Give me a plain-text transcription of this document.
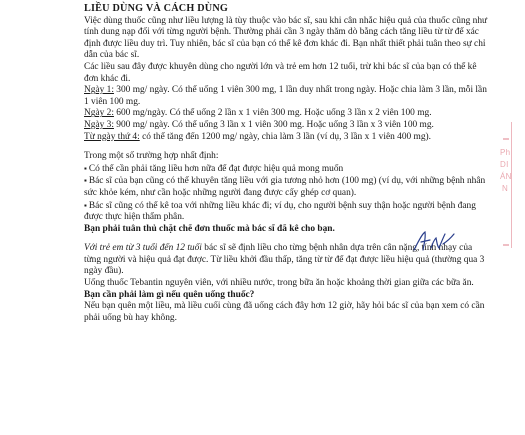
LIỀU DÙNG VÀ CÁCH DÙNG

Việc dùng thuốc cũng như liều lượng là tùy thuộc vào bác sĩ, sau khi cân nhắc hiệu quả của thuốc cũng như tính dung nạp đối với từng người bệnh. Thường phải cần 3 ngày thăm dò bằng cách tăng liều từ từ để xác định được liều duy trì. Tuy nhiên, bác sĩ của bạn có thể kê đơn khác đi. Bạn nhất thiết phải tuân theo sự chỉ dẫn của bác sĩ.

Các liều sau đây được khuyên dùng cho người lớn và trẻ em hơn 12 tuổi, trừ khi bác sĩ của bạn có thể kê đơn khác đi.

Ngày 1: 300 mg/ ngày. Có thể uống 1 viên 300 mg, 1 lần duy nhất trong ngày. Hoặc chia làm 3 lần, mỗi lần 1 viên 100 mg.

Ngày 2: 600 mg/ngày. Có thể uống 2 lần x 1 viên 300 mg. Hoặc uống 3 lần x 2 viên 100 mg.

Ngày 3: 900 mg/ ngày. Có thể uống 3 lần x 1 viên 300 mg. Hoặc uống 3 lần x 3 viên 100 mg.

Từ ngày thứ 4: có thể tăng đến 1200 mg/ ngày, chia làm 3 lần (ví dụ, 3 lần x 1 viên 400 mg).

Trong một số trường hợp nhất định:

▪ Có thể cần phải tăng liều hơn nữa để đạt được hiệu quả mong muốn

▪ Bác sĩ của bạn cũng có thể khuyên tăng liều với gia tương nhỏ hơn (100 mg) (ví dụ, với những bệnh nhân sức khỏe kém, như cần hoặc những người đang được cấy ghép cơ quan).

▪ Bác sĩ cũng có thể kê toa với những liều khác đi; ví dụ, cho người bệnh suy thận hoặc người bệnh đang được thực hiện thẩm phân.

Bạn phải tuân thủ chặt chẽ đơn thuốc mà bác sĩ đã kê cho bạn.

Với trẻ em từ 3 tuổi đến 12 tuổi bác sĩ sẽ định liều cho từng bệnh nhân dựa trên cân nặng, tính nhạy của từng người và hiệu quả đạt được. Từ liều khởi đầu thấp, tăng từ từ để đạt được liều hiệu quả (thường qua 3 ngày đầu).

Uống thuốc Tebantin nguyên viên, với nhiều nước, trong bữa ăn hoặc khoảng thời gian giữa các bữa ăn.

Bạn cần phải làm gì nếu quên uống thuốc?

Nếu bạn quên một liều, mà liều cuối cùng đã uống cách đây hơn 12 giờ, hãy hỏi bác sĩ của bạn xem có cần phải uống bù hay không.

Ph
DI
ÁN
N
